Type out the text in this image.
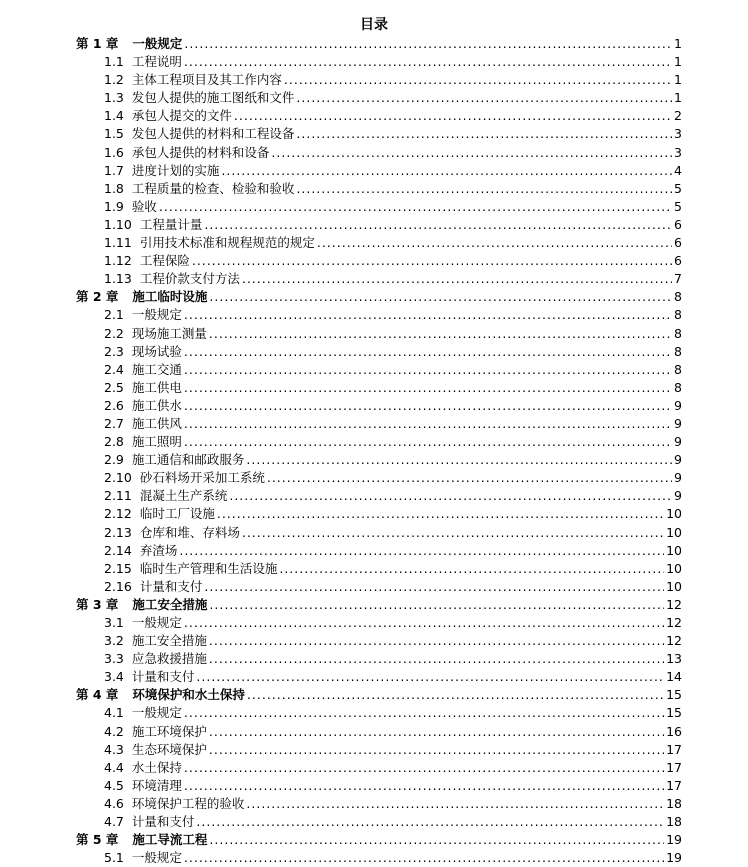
目录
第 1 章 一般规定 .....	1
1.1 工程说明 .....	1
1.2 主体工程项目及其工作内容 .....	1
1.3 发包人提供的施工图纸和文件 .....	1
1.4 承包人提交的文件 .....	2
1.5 发包人提供的材料和工程设备 .....	3
1.6 承包人提供的材料和设备 .....	3
1.7 进度计划的实施 .....	4
1.8 工程质量的检查、检验和验收 .....	5
1.9 验收 .....	5
1.10 工程量计量 .....	6
1.11 引用技术标准和规程规范的规定 .....	6
1.12 工程保险 .....	6
1.13 工程价款支付方法 .....	7
第 2 章 施工临时设施 .....	8
2.1 一般规定 .....	8
2.2 现场施工测量 .....	8
2.3 现场试验 .....	8
2.4 施工交通 .....	8
2.5 施工供电 .....	8
2.6 施工供水 .....	9
2.7 施工供风 .....	9
2.8 施工照明 .....	9
2.9 施工通信和邮政服务 .....	9
2.10 砂石料场开采加工系统 .....	9
2.11 混凝土生产系统 .....	9
2.12 临时工厂设施 .....	10
2.13 仓库和堆、存料场 .....	10
2.14 弃渣场 .....	10
2.15 临时生产管理和生活设施 .....	10
2.16 计量和支付 .....	10
第 3 章 施工安全措施 .....	12
3.1 一般规定 .....	12
3.2 施工安全措施 .....	12
3.3 应急救援措施 .....	13
3.4 计量和支付 .....	14
第 4 章 环境保护和水土保持 .....	15
4.1 一般规定 .....	15
4.2 施工环境保护 .....	16
4.3 生态环境保护 .....	17
4.4 水土保持 .....	17
4.5 环境清理 .....	17
4.6 环境保护工程的验收 .....	18
4.7 计量和支付 .....	18
第 5 章 施工导流工程 .....	19
5.1 一般规定 .....	19
